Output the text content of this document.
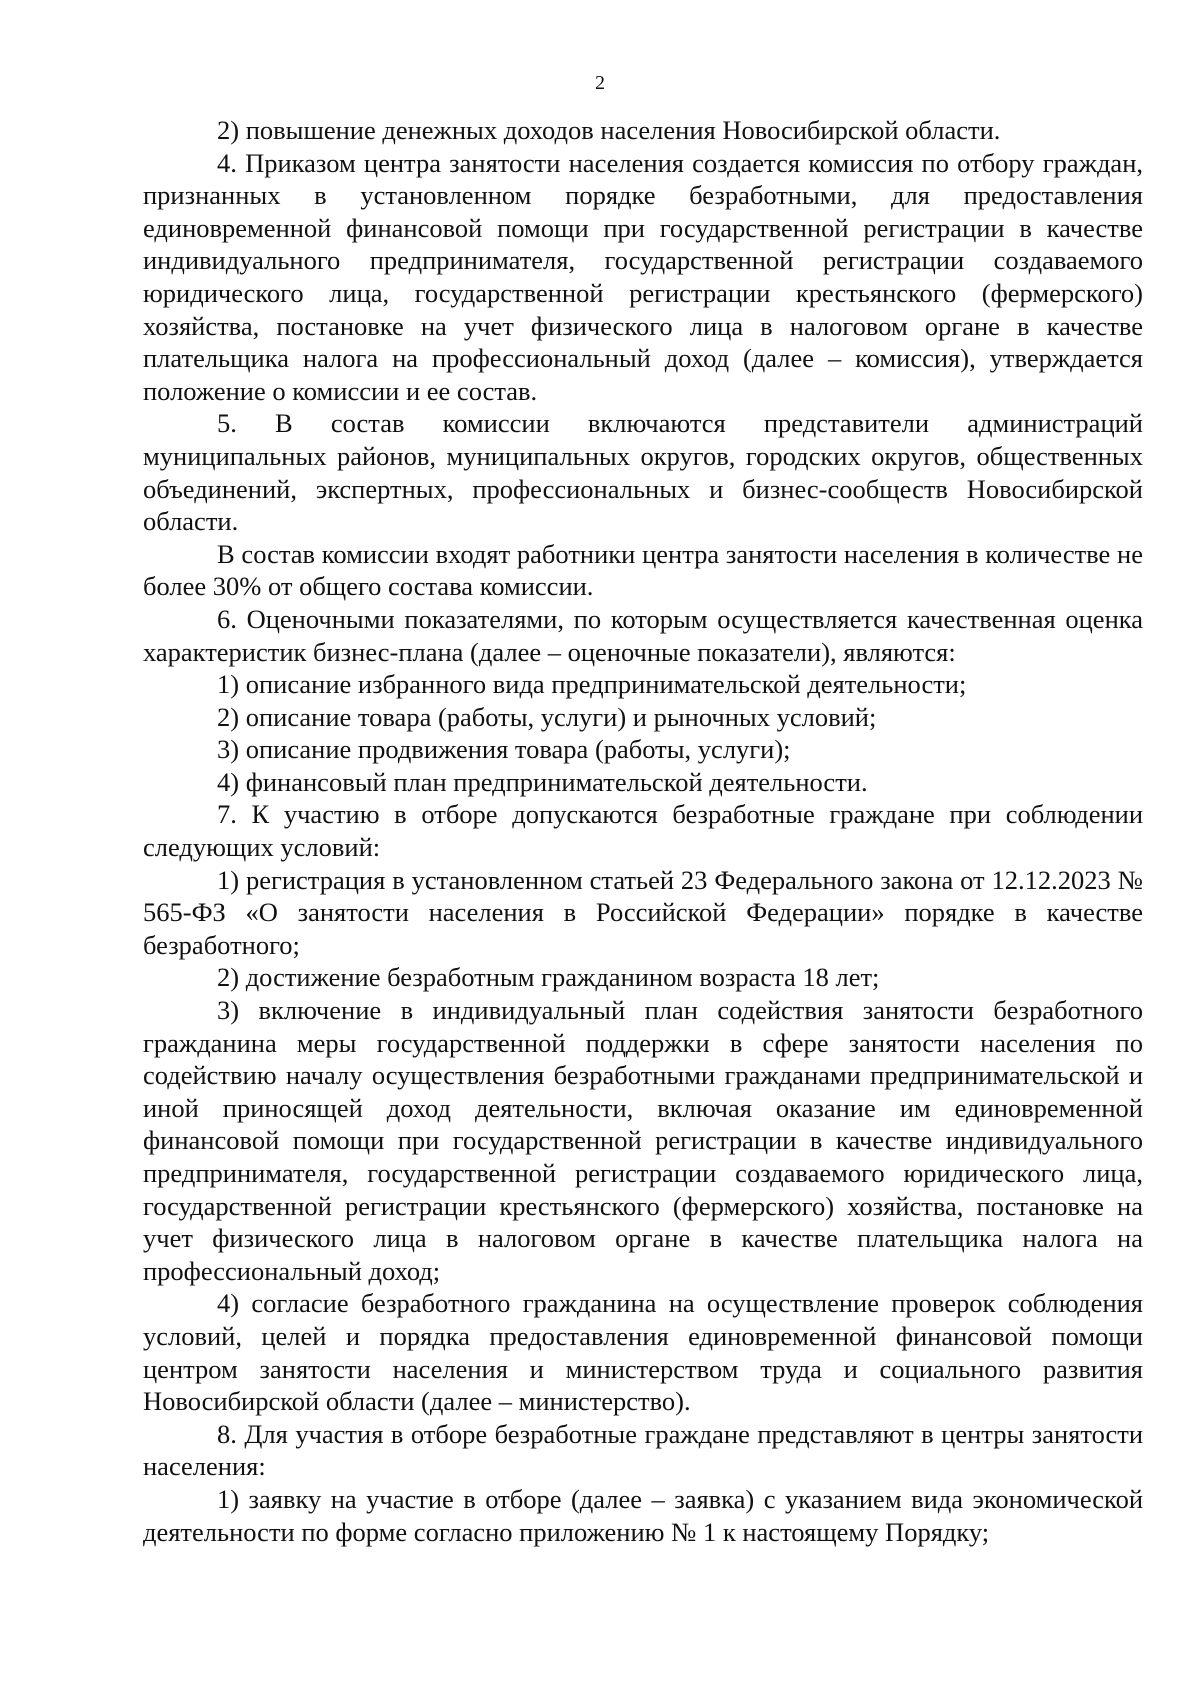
2

2) повышение денежных доходов населения Новосибирской области.

4. Приказом центра занятости населения создается комиссия по отбору граждан, признанных в установленном порядке безработными, для предоставления единовременной финансовой помощи при государственной регистрации в качестве индивидуального предпринимателя, государственной регистрации создаваемого юридического лица, государственной регистрации крестьянского (фермерского) хозяйства, постановке на учет физического лица в налоговом органе в качестве плательщика налога на профессиональный доход (далее – комиссия), утверждается положение о комиссии и ее состав.

5. В состав комиссии включаются представители администраций муниципальных районов, муниципальных округов, городских округов, общественных объединений, экспертных, профессиональных и бизнес-сообществ Новосибирской области.

В состав комиссии входят работники центра занятости населения в количестве не более 30% от общего состава комиссии.

6. Оценочными показателями, по которым осуществляется качественная оценка характеристик бизнес-плана (далее – оценочные показатели), являются:

1) описание избранного вида предпринимательской деятельности;

2) описание товара (работы, услуги) и рыночных условий;

3) описание продвижения товара (работы, услуги);

4) финансовый план предпринимательской деятельности.

7. К участию в отборе допускаются безработные граждане при соблюдении следующих условий:

1) регистрация в установленном статьей 23 Федерального закона от 12.12.2023 № 565-ФЗ «О занятости населения в Российской Федерации» порядке в качестве безработного;

2) достижение безработным гражданином возраста 18 лет;

3) включение в индивидуальный план содействия занятости безработного гражданина меры государственной поддержки в сфере занятости населения по содействию началу осуществления безработными гражданами предпринимательской и иной приносящей доход деятельности, включая оказание им единовременной финансовой помощи при государственной регистрации в качестве индивидуального предпринимателя, государственной регистрации создаваемого юридического лица, государственной регистрации крестьянского (фермерского) хозяйства, постановке на учет физического лица в налоговом органе в качестве плательщика налога на профессиональный доход;

4) согласие безработного гражданина на осуществление проверок соблюдения условий, целей и порядка предоставления единовременной финансовой помощи центром занятости населения и министерством труда и социального развития Новосибирской области (далее – министерство).

8. Для участия в отборе безработные граждане представляют в центры занятости населения:

1) заявку на участие в отборе (далее – заявка) с указанием вида экономической деятельности по форме согласно приложению № 1 к настоящему Порядку;
